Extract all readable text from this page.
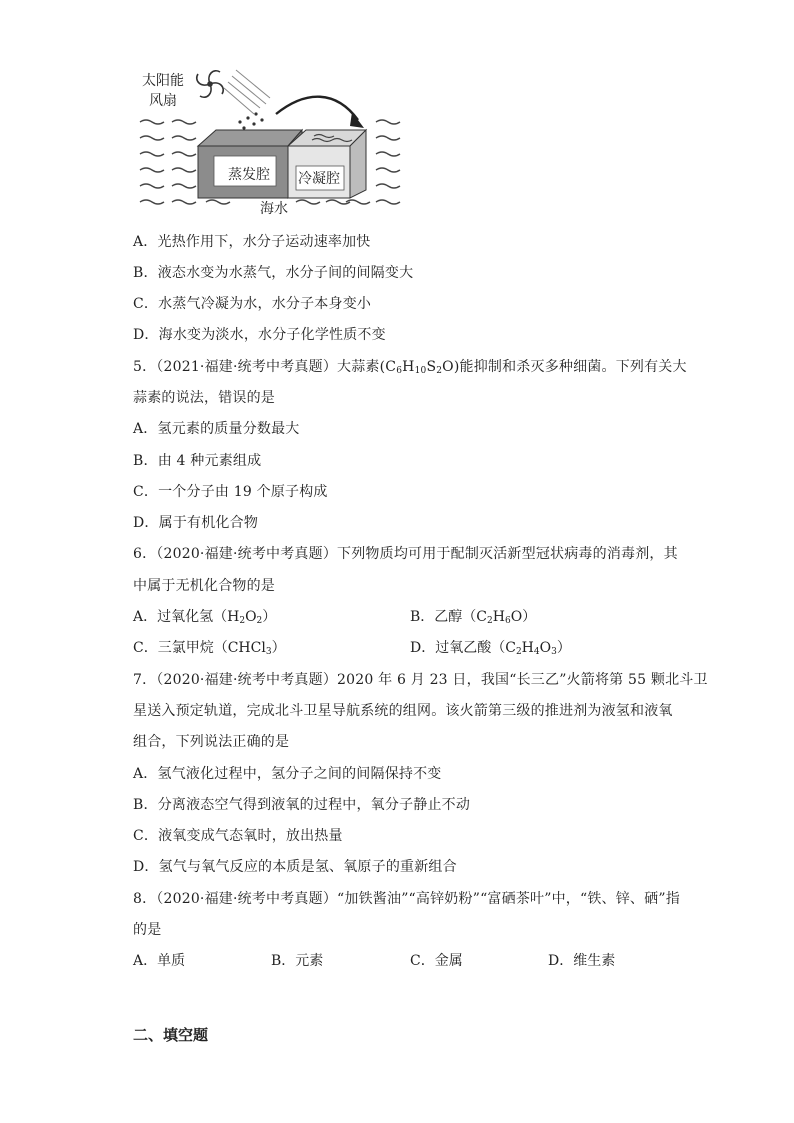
太阳能
风扇
蒸发腔 冷凝腔
海水
A．光热作用下，水分子运动速率加快
B．液态水变为水蒸气，水分子间的间隔变大
C．水蒸气冷凝为水，水分子本身变小
D．海水变为淡水，水分子化学性质不变
5．（2021·福建·统考中考真题）大蒜素$(C_6H_{10}S_2O)$能抑制和杀灭多种细菌。下列有关大
蒜素的说法，错误的是
A．氢元素的质量分数最大
B．由 4 种元素组成
C．一个分子由 19 个原子构成
D．属于有机化合物
6．（2020·福建·统考中考真题）下列物质均可用于配制灭活新型冠状病毒的消毒剂，其
中属于无机化合物的是
A．过氧化氢$(H_2O_2)$	B．乙醇$(C_2H_6O)$
C．三氯甲烷（CHCl$_3$）	D．过氧乙酸$(C_2H_4O_3)$
7．（2020·福建·统考中考真题）2020 年 6 月 23 日，我国“长三乙”火箭将第 55 颗北斗卫
星送入预定轨道，完成北斗卫星导航系统的组网。该火箭第三级的推进剂为液氢和液氧
组合，下列说法正确的是
A．氢气液化过程中，氢分子之间的间隔保持不变
B．分离液态空气得到液氧的过程中，氧分子静止不动
C．液氧变成气态氧时，放出热量
D．氢气与氧气反应的本质是氢、氧原子的重新组合
8．（2020·福建·统考中考真题）“加铁酱油”“高锌奶粉”“富硒茶叶”中，“铁、锌、硒”指
的是
A．单质	B．元素	C．金属	D．维生素
二、填空题
